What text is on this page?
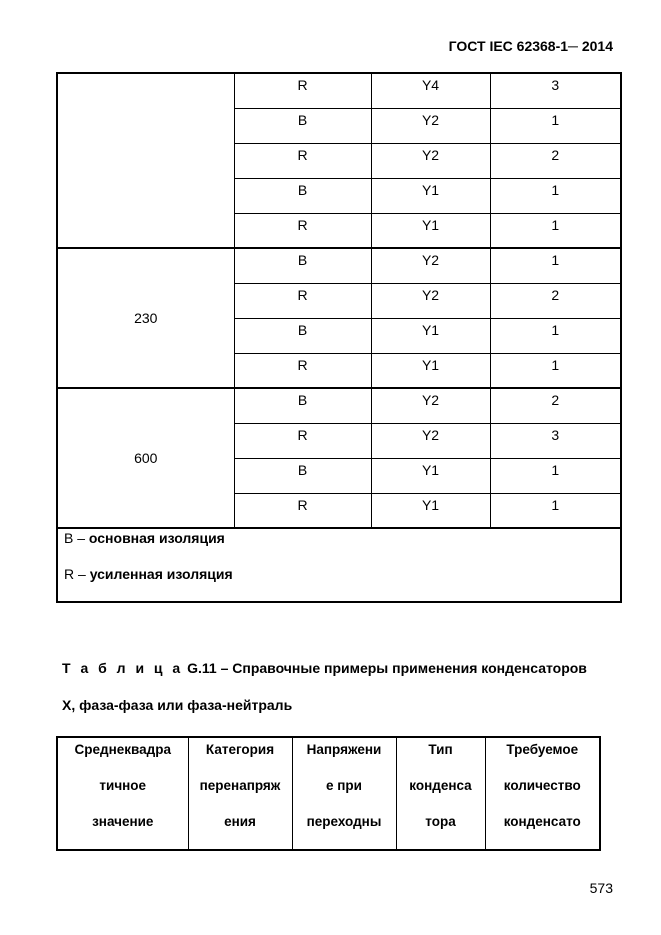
ГОСТ IEC 62368-1─ 2014
	R	Y4	3
	B	Y2	1
	R	Y2	2
	B	Y1	1
	R	Y1	1
230	B	Y2	1
	R	Y2	2
	B	Y1	1
	R	Y1	1
600	B	Y2	2
	R	Y2	3
	B	Y1	1
	R	Y1	1

B – основная изоляция
R – усиленная изоляция			
Т а б л и ц а G.11 – Справочные примеры применения конденсаторов
X, фаза-фаза или фаза-нейтраль
Среднеквадра
тичное
значение

Категория
перенапряж
ения

Напряжени
е при
переходны

Тип
конденса
тора

Требуемое
количество
конденсато
573
